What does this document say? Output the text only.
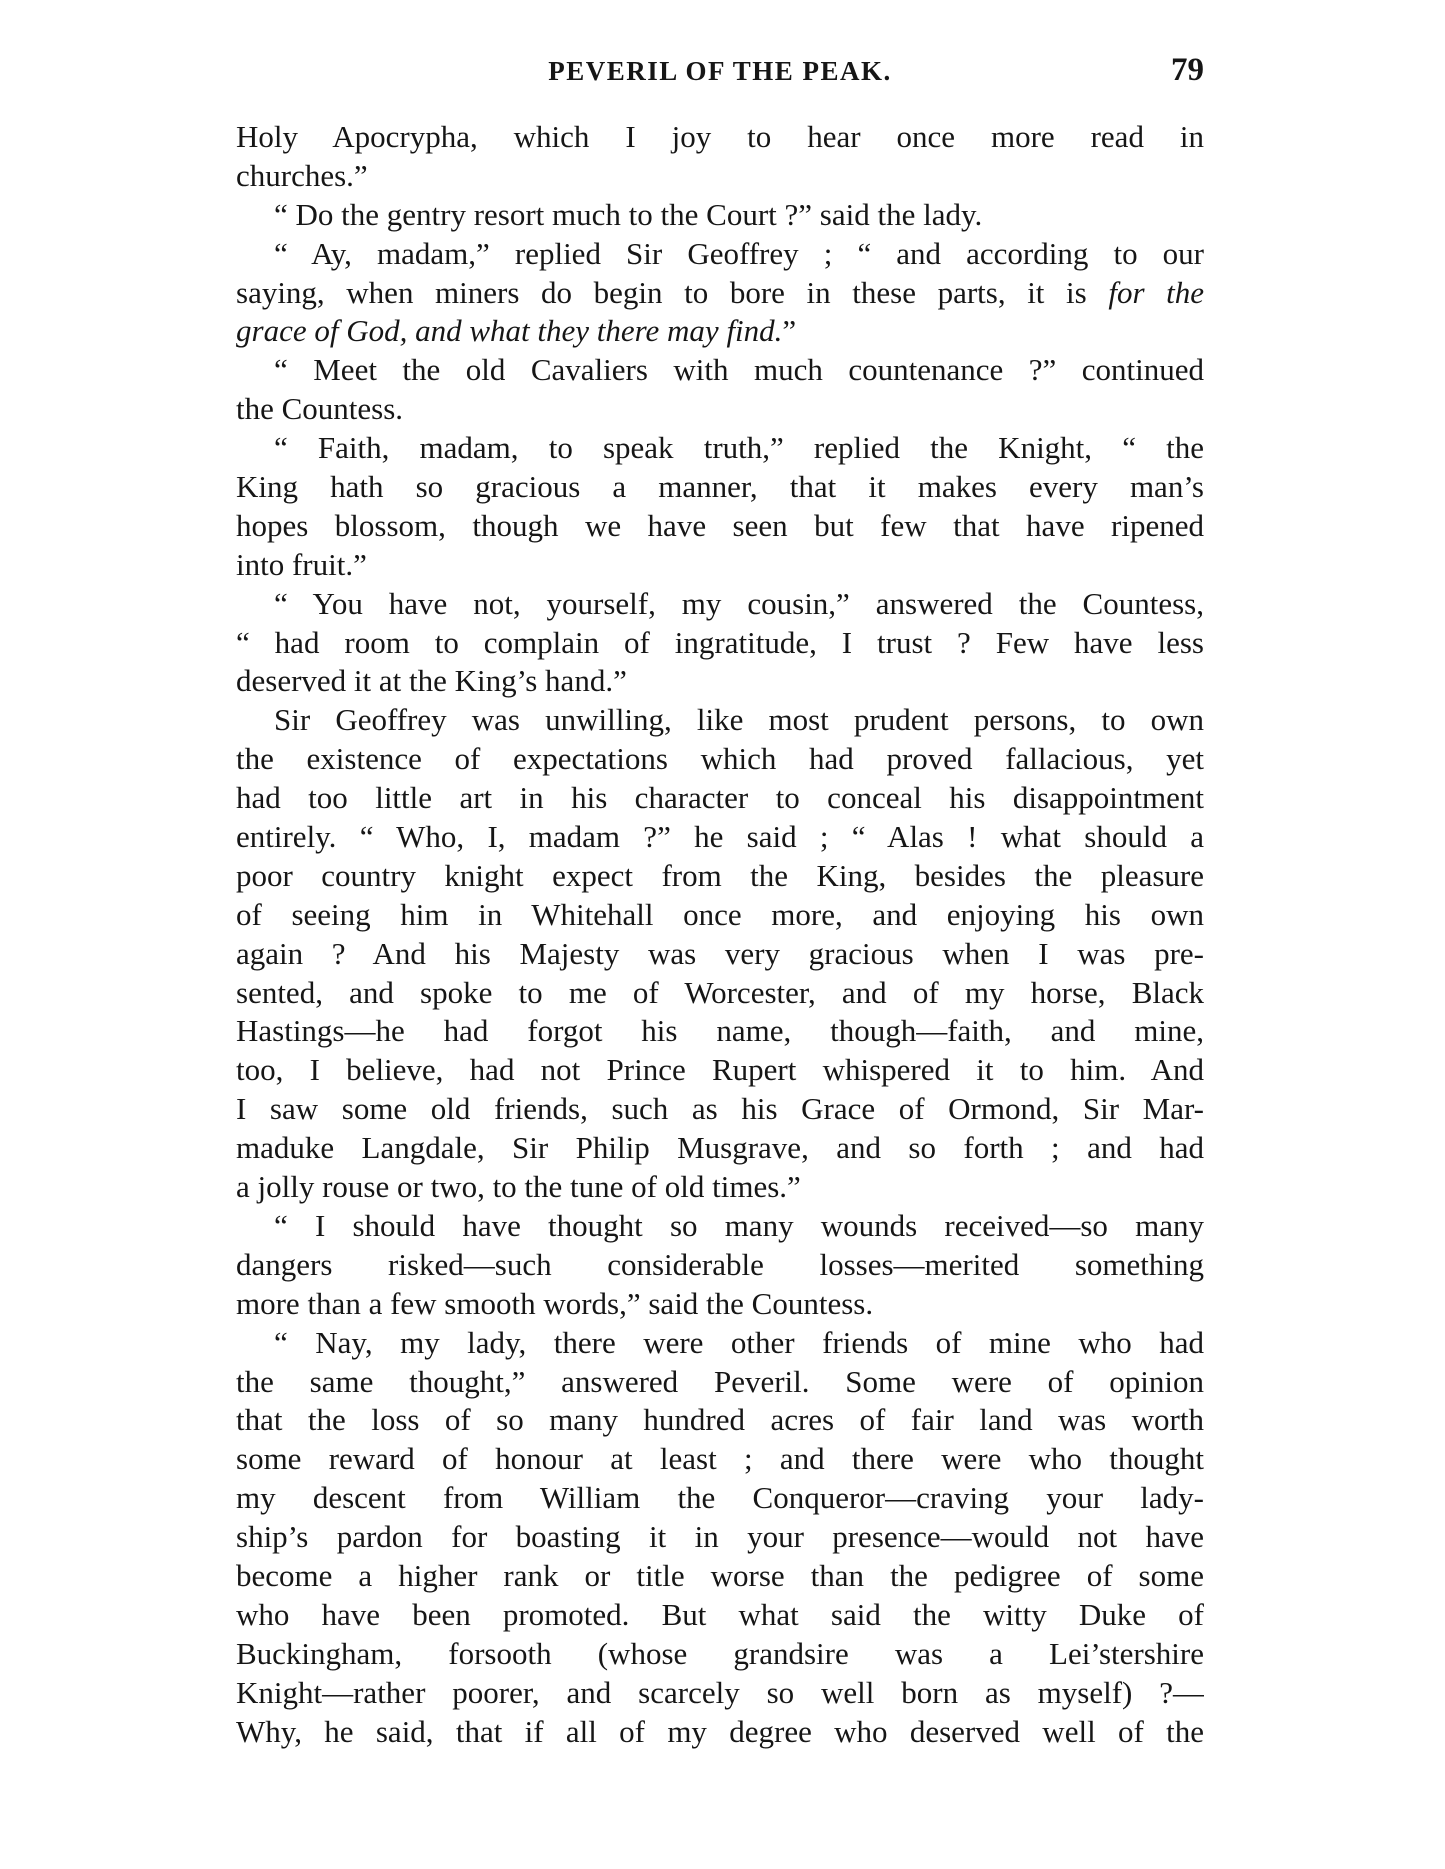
PEVERIL OF THE PEAK.	79
Holy Apocrypha, which I joy to hear once more read in
churches.”
“ Do the gentry resort much to the Court ?” said the lady.
“ Ay, madam,” replied Sir Geoffrey ; “ and according to our
saying, when miners do begin to bore in these parts, it is for the
grace of God, and what they there may find.”
“ Meet the old Cavaliers with much countenance ?” continued
the Countess.
“ Faith, madam, to speak truth,” replied the Knight, “ the
King hath so gracious a manner, that it makes every man’s
hopes blossom, though we have seen but few that have ripened
into fruit.”
“ You have not, yourself, my cousin,” answered the Countess,
“ had room to complain of ingratitude, I trust ? Few have less
deserved it at the King’s hand.”
Sir Geoffrey was unwilling, like most prudent persons, to own
the existence of expectations which had proved fallacious, yet
had too little art in his character to conceal his disappointment
entirely. “ Who, I, madam ?” he said ; “ Alas ! what should a
poor country knight expect from the King, besides the pleasure
of seeing him in Whitehall once more, and enjoying his own
again ? And his Majesty was very gracious when I was pre-
sented, and spoke to me of Worcester, and of my horse, Black
Hastings—he had forgot his name, though—faith, and mine,
too, I believe, had not Prince Rupert whispered it to him. And
I saw some old friends, such as his Grace of Ormond, Sir Mar-
maduke Langdale, Sir Philip Musgrave, and so forth ; and had
a jolly rouse or two, to the tune of old times.”
“ I should have thought so many wounds received—so many
dangers risked—such considerable losses—merited something
more than a few smooth words,” said the Countess.
“ Nay, my lady, there were other friends of mine who had
the same thought,” answered Peveril. Some were of opinion
that the loss of so many hundred acres of fair land was worth
some reward of honour at least ; and there were who thought
my descent from William the Conqueror—craving your lady-
ship’s pardon for boasting it in your presence—would not have
become a higher rank or title worse than the pedigree of some
who have been promoted. But what said the witty Duke of
Buckingham, forsooth (whose grandsire was a Lei’stershire
Knight—rather poorer, and scarcely so well born as myself) ?—
Why, he said, that if all of my degree who deserved well of the
